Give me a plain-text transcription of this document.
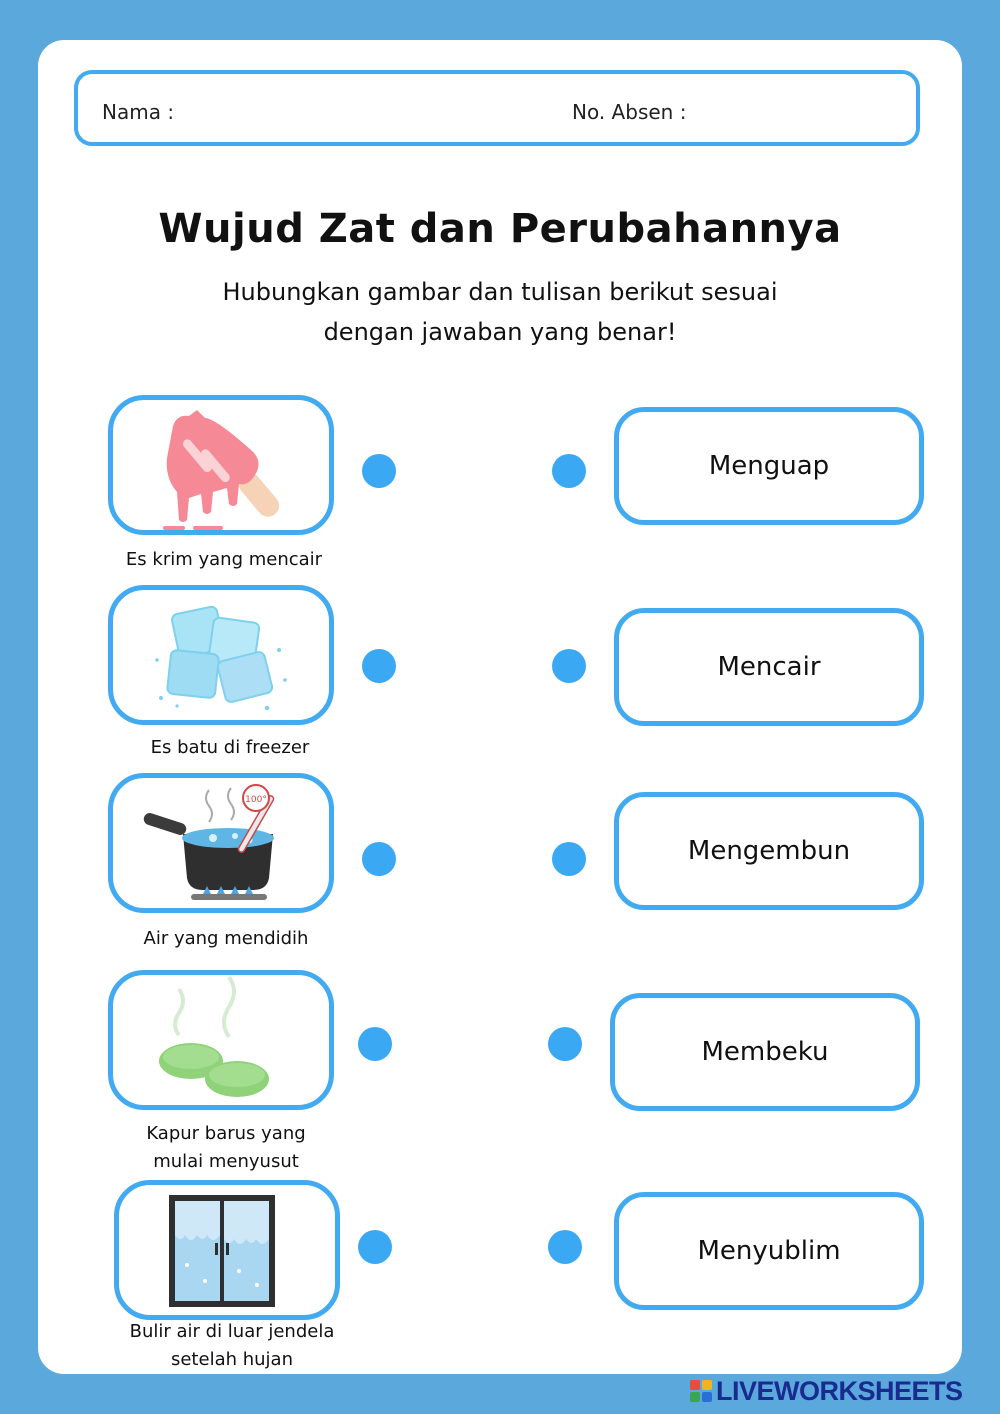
Nama :	No. Absen :
Wujud Zat dan Perubahannya
Hubungkan gambar dan tulisan berikut sesuai
dengan jawaban yang benar!
Es krim yang mencair
Es batu di freezer
100°
Air yang mendidih
Kapur barus yang
mulai menyusut
Bulir air di luar jendela
setelah hujan
Menguap
Mencair
Mengembun
Membeku
Menyublim
LIVEWORKSHEETS
